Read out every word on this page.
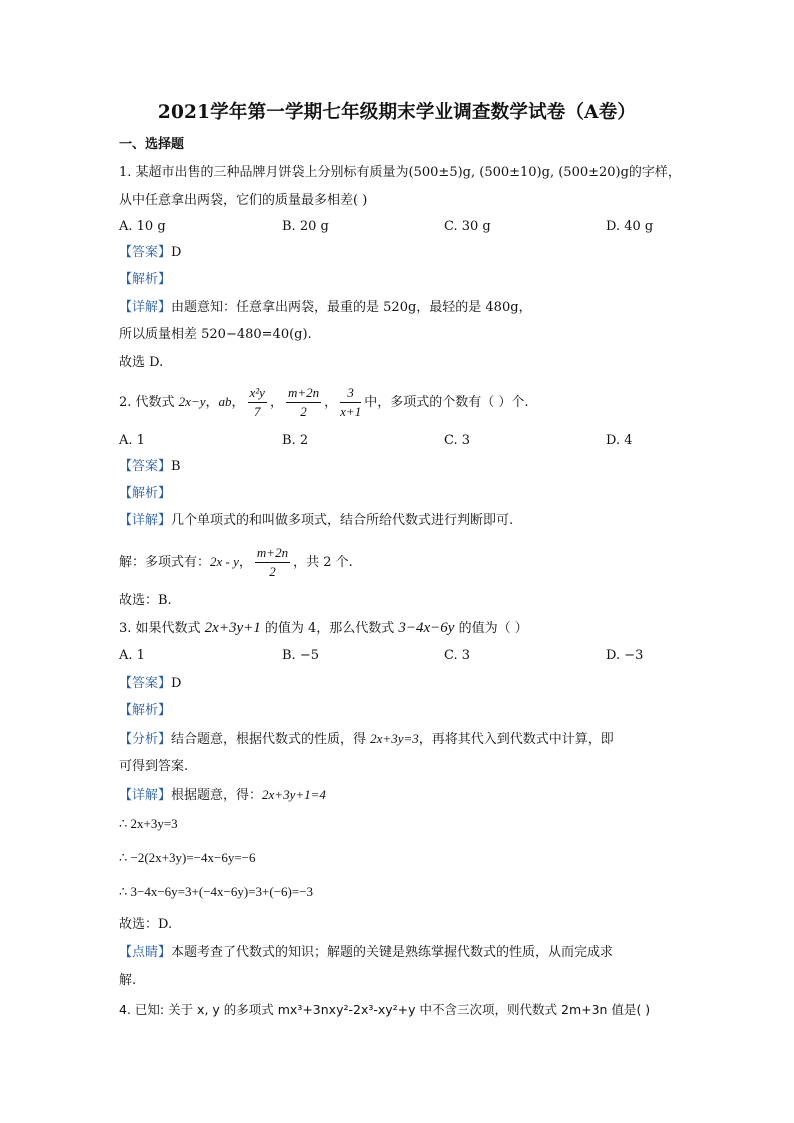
2021学年第一学期七年级期末学业调查数学试卷（A卷）
一、选择题
1. 某超市出售的三种品牌月饼袋上分别标有质量为(500±5)g, (500±10)g, (500±20)g的字样，
从中任意拿出两袋，它们的质量最多相差( )
A. 10 g	B. 20 g	C. 30 g	D. 40 g
【答案】D
【解析】
【详解】由题意知：任意拿出两袋，最重的是 520g，最轻的是 480g，
所以质量相差 520−480=40(g).
故选 D.
2. 代数式 2x−y，ab， $\frac{\text{x²y}}{7}$ ， $\frac{m+2n}{2}$ ， $\frac{3}{x+1}$ 中，多项式的个数有（ ）个.
A. 1	B. 2	C. 3	D. 4
【答案】B
【解析】
【详解】几个单项式的和叫做多项式，结合所给代数式进行判断即可.
解：多项式有：2x - y， $\frac{m+2n}{2}$ ，共 2 个.
故选：B.
3. 如果代数式 2x+3y+1 的值为 4，那么代数式 3−4x−6y 的值为（ ）
A. 1	B. −5	C. 3	D. −3
【答案】D
【解析】
【分析】结合题意，根据代数式的性质，得 2x+3y=3，再将其代入到代数式中计算，即
可得到答案.
【详解】根据题意，得：2x+3y+1=4
∴ 2x+3y=3
∴ −2(2x+3y)=−4x−6y=−6
∴ 3−4x−6y=3+(−4x−6y)=3+(−6)=−3
故选：D.
【点睛】本题考查了代数式的知识；解题的关键是熟练掌握代数式的性质，从而完成求
解.
4. 已知: 关于 x, y 的多项式 mx³+3nxy²-2x³-xy²+y 中不含三次项，则代数式 2m+3n 值是( )
